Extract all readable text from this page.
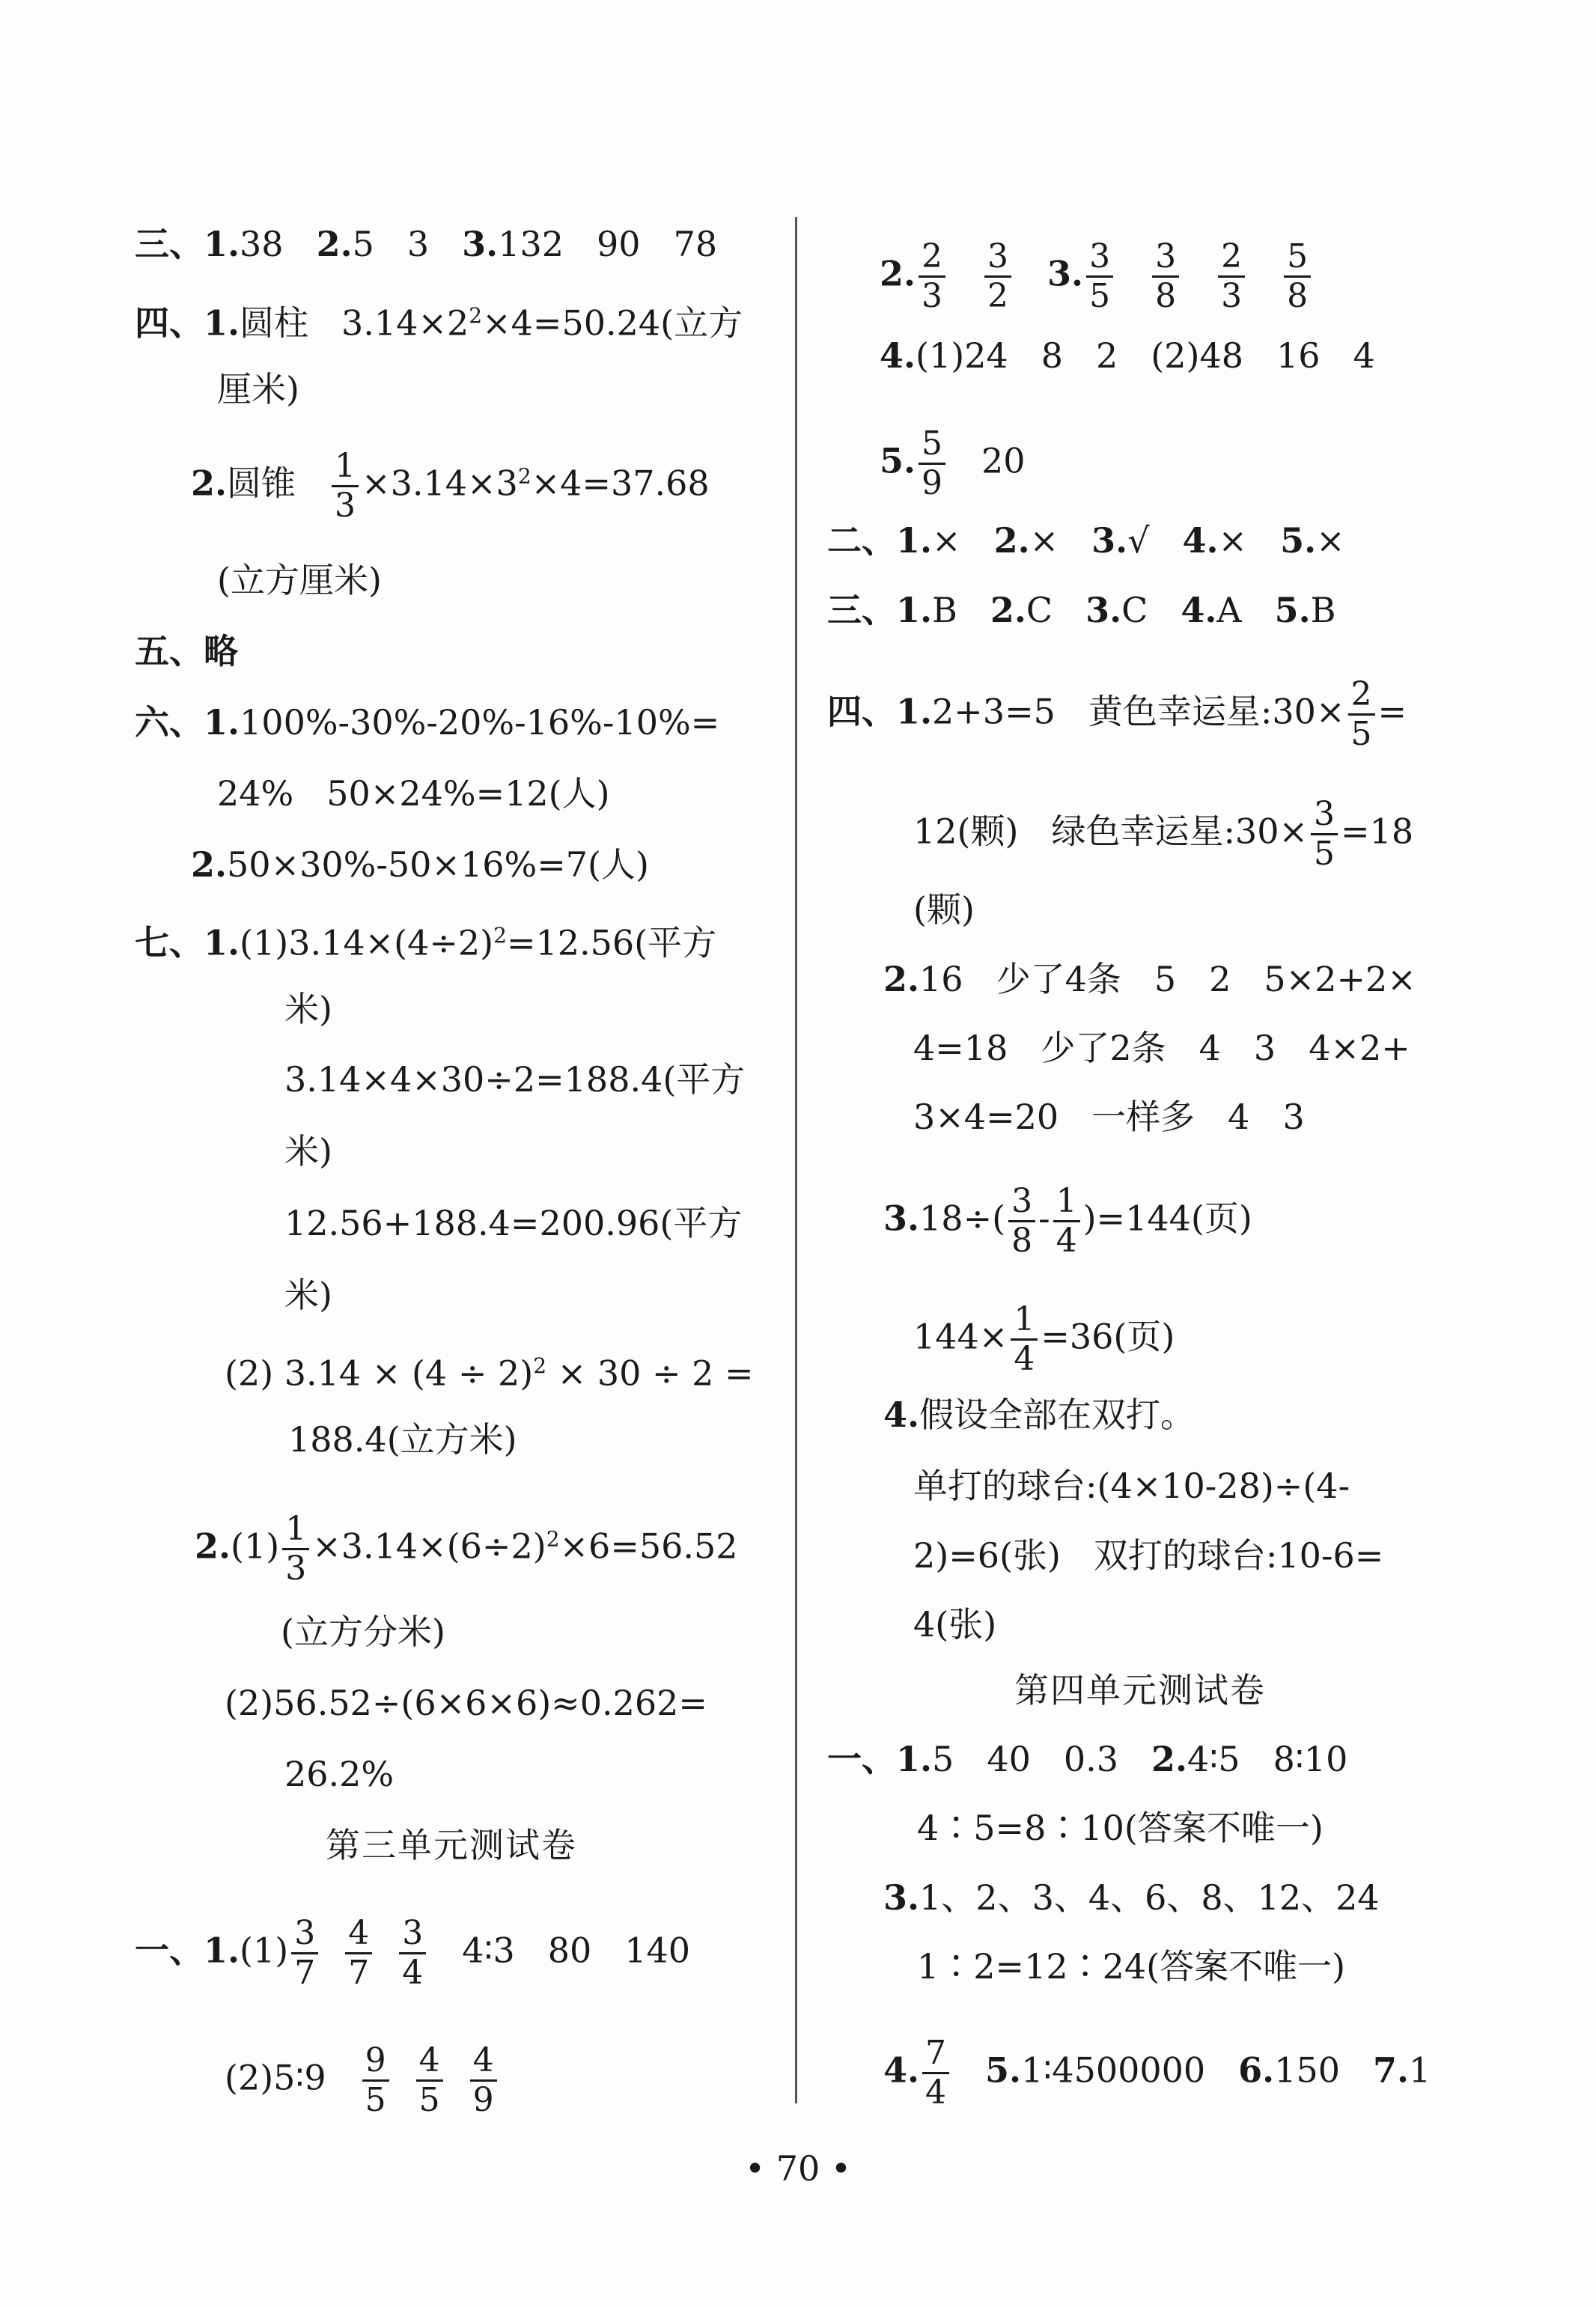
三、1.38 2.5 3 3.132 90 78
四、1.圆柱 $3.14\times 2^2\times 4=50.24$(立方
厘米)
2.圆锥 $\frac{1}{3} \times 3.14\times 3^2\times 4=37.68$
(立方厘米)
五、略
六、1.100%-30%-20%-16%-10%=
24% 50×24%=12(人)
2.50×30%-50×16%=7(人)
七、$1.(1)3.14\times(4\div 2)^2=12.56$(平方
米)
3.14×4×30÷2=188.4(平方
米)
12.56+188.4=200.96(平方
米)
(2) $3.14 \times (4 \div 2)^2 \times 30 \div 2$ =
188.4(立方米)
$2.(1) \frac{1}{3} \times 3.14\times(6\div 2)^2\times 6=56.52$
(立方分米)
(2)56.52÷(6×6×6)≈0.262=
26.2%
第三单元测试卷
一、$1.(1) \frac{3}{7} \frac{4}{7} \frac{3}{4}$ 4∶3 80 140
(2)5∶9 $\frac{9}{5} \frac{4}{5} \frac{4}{9}$
2. $\frac{2}{3} \frac{3}{2} 3$. $\frac{3}{5} \frac{3}{8} \frac{2}{3} \frac{5}{8}$
4.(1)24 8 2 (2)48 16 4
5. $\frac{5}{9} 20$
二、1.× 2.× 3.√ 4.× 5.×
三、1.B 2.C 3.C 4.A 5.B
四、1.2+3=5 黄色幸运星:30× $\frac{2}{5}$ =
12(颗) 绿色幸运星:30× $\frac{3}{5} =18$
(颗)
2.16 少了4条 5 2 5×2+2×
4=18 少了2条 4 3 4×2+
3×4=20 一样多 4 3
$3.18\div( \frac{3}{8} - \frac{1}{4} )=144$(页)
$144\times \frac{1}{4} =36$(页)
4.假设全部在双打。
单打的球台:(4×10-28)÷(4-
2)=6(张) 双打的球台:10-6=
4(张)
第四单元测试卷
一、1.5 40 0.3 2.4∶5 8∶10
4∶5=8∶10(答案不唯一)
3.1、2、3、4、6、8、12、24
1∶2=12∶24(答案不唯一)
4. $\frac{7}{4}$ 5.1∶4500000 6.150 7.1
• 70 •
